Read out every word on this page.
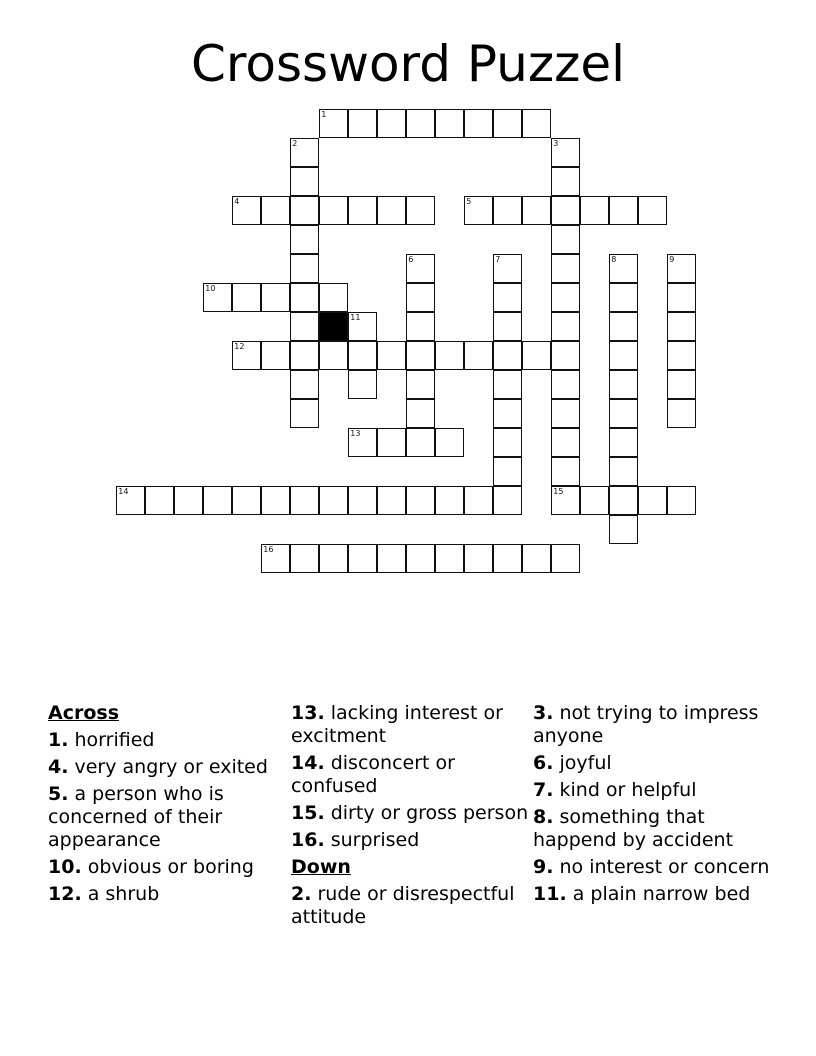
Crossword Puzzel
1
2	3
4	5
6	7	8	9
10
11
12
13
14	15
16
Across
1. horrified
4. very angry or exited
5. a person who is concerned of their appearance
10. obvious or boring
12. a shrub
13. lacking interest or excitment
14. disconcert or confused
15. dirty or gross person
16. surprised
Down
2. rude or disrespectful attitude
3. not trying to impress anyone
6. joyful
7. kind or helpful
8. something that happend by accident
9. no interest or concern
11. a plain narrow bed
